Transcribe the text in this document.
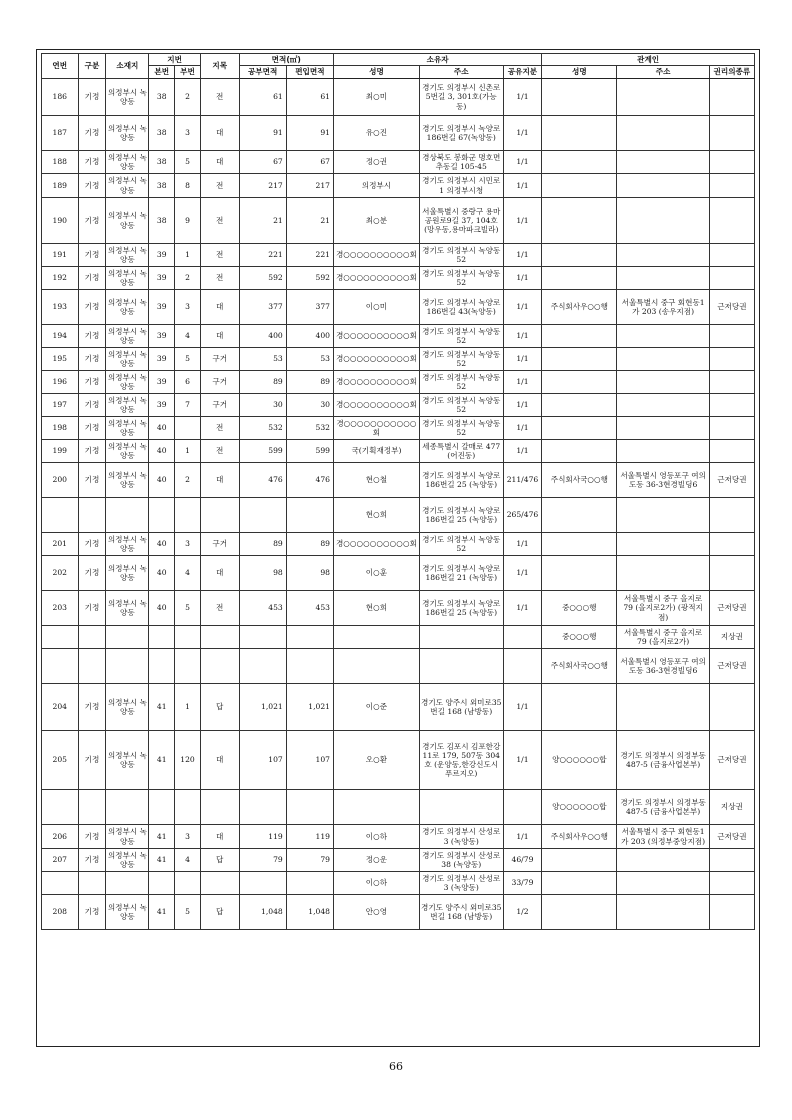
연번	구분	소재지	지번		지목	면적(㎡)		소유자			관계인		
			본번	부번		공부면적	편입면적	성명	주소	공유지분	성명	주소	권리의종류
186	기정	의정부시 녹양동	38	2	전	61	61	최○미	경기도 의정부시 신촌로5번길 3, 301호(가능동)	1/1			
187	기정	의정부시 녹양동	38	3	대	91	91	유○진	경기도 의정부시 녹양로186번길 67(녹양동)	1/1			
188	기정	의정부시 녹양동	38	5	대	67	67	정○권	경상북도 봉화군 명호면 추동길 105-45	1/1			
189	기정	의정부시 녹양동	38	8	전	217	217	의정부시	경기도 의정부시 시민로 1 의정부시청	1/1			
190	기정	의정부시 녹양동	38	9	전	21	21	최○분	서울특별시 중랑구 용마공원로9길 37, 104호(망우동,용마파크빌라)	1/1			
191	기정	의정부시 녹양동	39	1	전	221	221	경○○○○○○○○○○회	경기도 의정부시 녹양동 52	1/1			
192	기정	의정부시 녹양동	39	2	전	592	592	경○○○○○○○○○○회	경기도 의정부시 녹양동 52	1/1			
193	기정	의정부시 녹양동	39	3	대	377	377	이○미	경기도 의정부시 녹양로186번길 43(녹양동)	1/1	주식회사우○○행	서울특별시 중구 회현동1가 203 (송우지점)	근저당권
194	기정	의정부시 녹양동	39	4	대	400	400	경○○○○○○○○○○회	경기도 의정부시 녹양동 52	1/1			
195	기정	의정부시 녹양동	39	5	구거	53	53	경○○○○○○○○○○회	경기도 의정부시 녹양동 52	1/1			
196	기정	의정부시 녹양동	39	6	구거	89	89	경○○○○○○○○○○회	경기도 의정부시 녹양동 52	1/1			
197	기정	의정부시 녹양동	39	7	구거	30	30	경○○○○○○○○○○회	경기도 의정부시 녹양동 52	1/1			
198	기정	의정부시 녹양동	40		전	532	532	경○○○○○○○○○○○회	경기도 의정부시 녹양동 52	1/1			
199	기정	의정부시 녹양동	40	1	전	599	599	국(기획재정부)	세종특별시 갈매로 477 (어진동)	1/1			
200	기정	의정부시 녹양동	40	2	대	476	476	현○철	경기도 의정부시 녹양로186번길 25 (녹양동)	211/476	주식회사국○○행	서울특별시 영등포구 여의도동 36-3현경빌딩6	근저당권
								현○희	경기도 의정부시 녹양로186번길 25 (녹양동)	265/476			
201	기정	의정부시 녹양동	40	3	구거	89	89	경○○○○○○○○○○회	경기도 의정부시 녹양동 52	1/1			
202	기정	의정부시 녹양동	40	4	대	98	98	이○훈	경기도 의정부시 녹양로186번길 21 (녹양동)	1/1			
203	기정	의정부시 녹양동	40	5	전	453	453	현○희	경기도 의정부시 녹양로186번길 25 (녹양동)	1/1	중○○○행	서울특별시 중구 을지로 79 (을지로2가) (광적지점)	근저당권
											중○○○행	서울특별시 중구 을지로 79 (을지로2가)	지상권
											주식회사국○○행	서울특별시 영등포구 여의도동 36-3현경빌딩6	근저당권
204	기정	의정부시 녹양동	41	1	답	1,021	1,021	이○준	경기도 양주시 외미로35번길 168 (남방동)	1/1			
205	기정	의정부시 녹양동	41	120	대	107	107	오○환	경기도 김포시 김포한강11로 179, 507동 304호 (운양동,한강신도시푸르지오)	1/1	양○○○○○○합	경기도 의정부시 의정부동 487-5 (금융사업본부)	근저당권
											양○○○○○○합	경기도 의정부시 의정부동 487-5 (금융사업본부)	지상권
206	기정	의정부시 녹양동	41	3	대	119	119	이○하	경기도 의정부시 산성로3 (녹양동)	1/1	주식회사우○○행	서울특별시 중구 회현동1가 203 (의정부중앙지점)	근저당권
207	기정	의정부시 녹양동	41	4	답	79	79	정○운	경기도 의정부시 산성로 38 (녹양동)	46/79			
								이○하	경기도 의정부시 산성로3 (녹양동)	33/79			
208	기정	의정부시 녹양동	41	5	답	1,048	1,048	안○영	경기도 양주시 외미로35번길 168 (남방동)	1/2			
66
